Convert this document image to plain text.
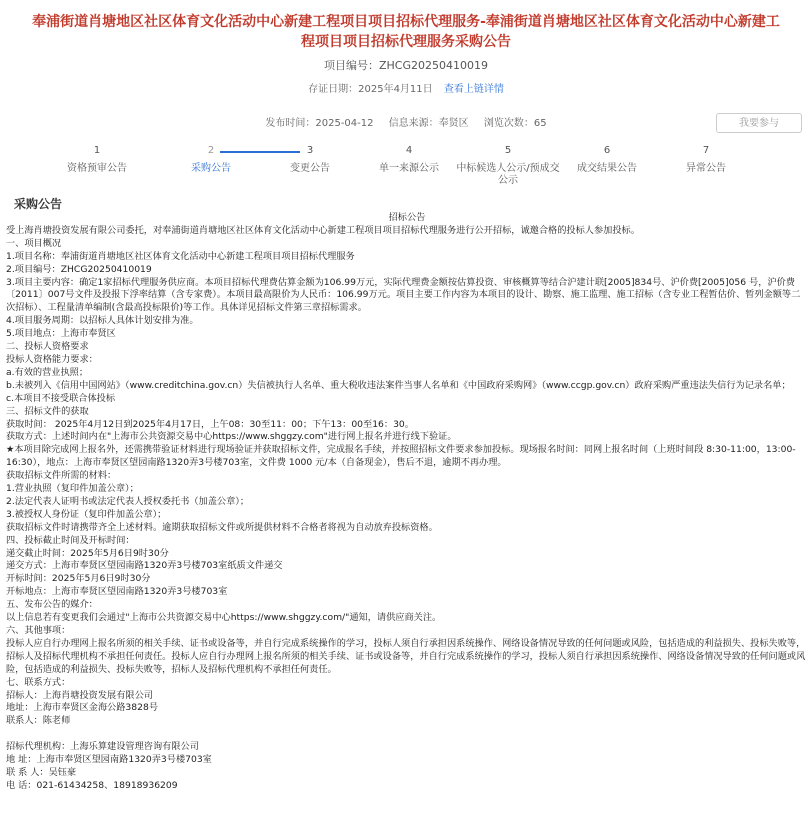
奉浦街道肖塘地区社区体育文化活动中心新建工程项目项目招标代理服务-奉浦街道肖塘地区社区体育文化活动中心新建工程项目项目招标代理服务采购公告
项目编号：ZHCG20250410019
存证日期：2025年4月11日 查看上链详情
发布时间：2025-04-12 信息来源：奉贤区 浏览次数：65	我要参与
1
资格预审公告
2
采购公告
3
变更公告
4
单一来源公示
5
中标候选人公示/预成交公示
6
成交结果公告
7
异常公告
采购公告

招标公告

受上海肖塘投资发展有限公司委托，对奉浦街道肖塘地区社区体育文化活动中心新建工程项目项目招标代理服务进行公开招标，诚邀合格的投标人参加投标。

一、项目概况

1.项目名称：奉浦街道肖塘地区社区体育文化活动中心新建工程项目项目招标代理服务

2.项目编号：ZHCG20250410019

3.项目主要内容：确定1家招标代理服务供应商。本项目招标代理费估算金额为106.99万元，实际代理费金额按估算投资、审核概算等结合沪建计联[2005]834号、沪价费[2005]056 号，沪价费〔2011〕007号文件及投报下浮率结算（含专家费）。本项目最高限价为人民币：106.99万元。项目主要工作内容为本项目的设计、勘察、施工监理、施工招标（含专业工程暂估价、暂列金额等二次招标）、工程量清单编制(含最高投标限价)等工作。具体详见招标文件第三章招标需求。

4.项目服务周期：以招标人具体计划安排为准。

5.项目地点：上海市奉贤区

二、投标人资格要求

投标人资格能力要求：

a.有效的营业执照；

b.未被列入《信用中国网站》（www.creditchina.gov.cn）失信被执行人名单、重大税收违法案件当事人名单和《中国政府采购网》（www.ccgp.gov.cn）政府采购严重违法失信行为记录名单；

c.本项目不接受联合体投标

三、招标文件的获取

获取时间： 2025年4月12日到2025年4月17日，上午08：30至11：00；下午13：00至16：30。

获取方式：上述时间内在"上海市公共资源交易中心https://www.shggzy.com"进行网上报名并进行线下验证。

★本项目除完成网上报名外，还需携带验证材料进行现场验证并获取招标文件，完成报名手续，并按照招标文件要求参加投标。现场报名时间：同网上报名时间（上班时间段 8:30-11:00，13:00-16:30），地点：上海市奉贤区望园南路1320弄3号楼703室，文件费 1000 元/本（自备现金），售后不退，逾期不再办理。

获取招标文件所需的材料：

1.营业执照（复印件加盖公章）；

2.法定代表人证明书或法定代表人授权委托书（加盖公章）；

3.被授权人身份证（复印件加盖公章）；

获取招标文件时请携带齐全上述材料。逾期获取招标文件或所提供材料不合格者将视为自动放弃投标资格。

四、投标截止时间及开标时间：

递交截止时间：2025年5月6日9时30分

递交方式：上海市奉贤区望园南路1320弄3号楼703室纸质文件递交

开标时间：2025年5月6日9时30分

开标地点：上海市奉贤区望园南路1320弄3号楼703室

五、发布公告的媒介：

以上信息若有变更我们会通过"上海市公共资源交易中心https://www.shggzy.com/"通知，请供应商关注。

六、其他事项：

投标人应自行办理网上报名所须的相关手续、证书或设备等，并自行完成系统操作的学习，投标人须自行承担因系统操作、网络设备情况导致的任何问题或风险，包括造成的利益损失、投标失败等，招标人及招标代理机构不承担任何责任。投标人应自行办理网上报名所须的相关手续、证书或设备等，并自行完成系统操作的学习，投标人须自行承担因系统操作、网络设备情况导致的任何问题或风险，包括造成的利益损失、投标失败等，招标人及招标代理机构不承担任何责任。

七、联系方式：

招标人：上海肖塘投资发展有限公司

地址：上海市奉贤区金海公路3828号

联系人：陈老师

招标代理机构：上海乐算建设管理咨询有限公司

地 址：上海市奉贤区望园南路1320弄3号楼703室

联 系 人：吴钰豪

电 话：021-61434258、18918936209
